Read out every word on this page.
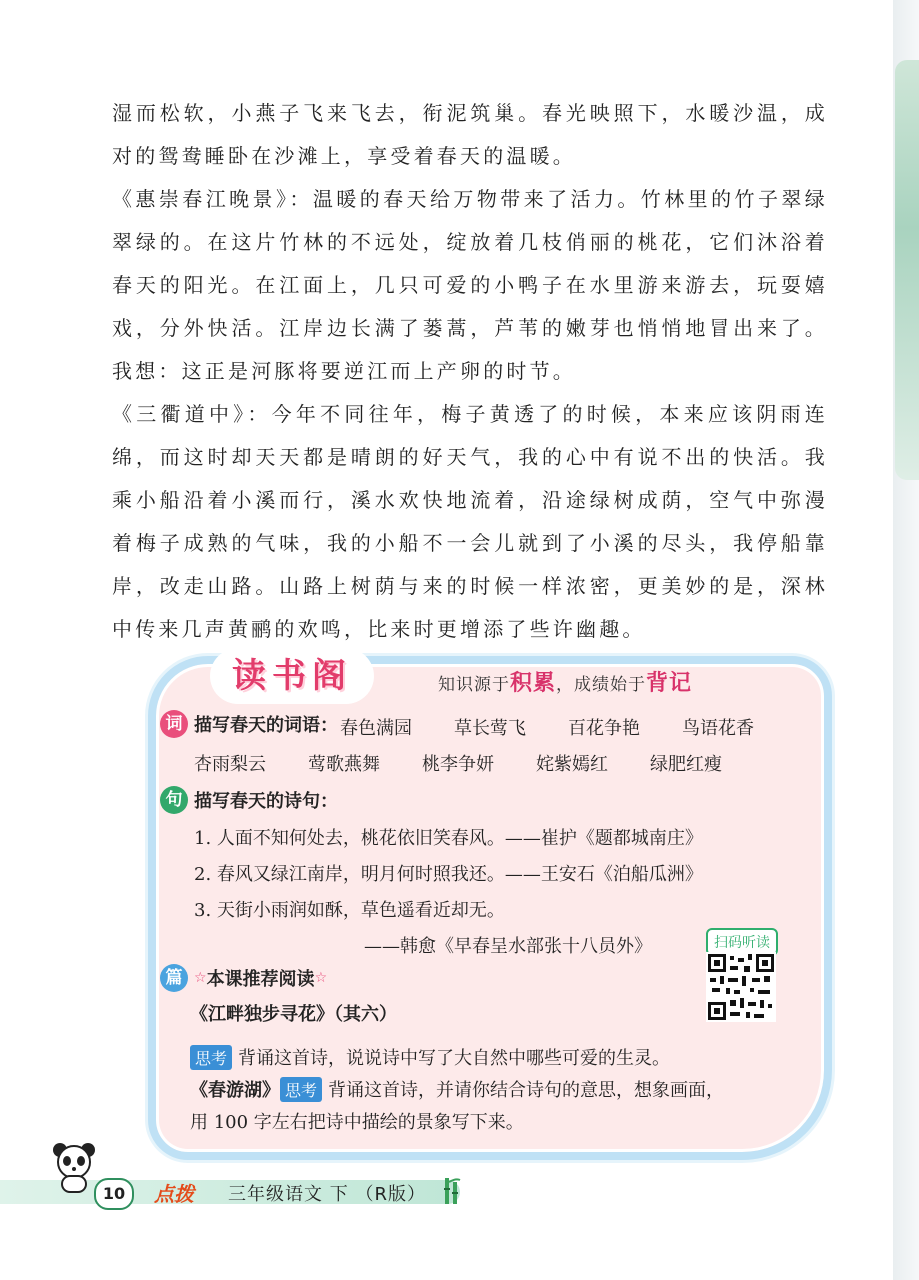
湿而松软，小燕子飞来飞去，衔泥筑巢。春光映照下，水暖沙温，成对的鸳鸯睡卧在沙滩上，享受着春天的温暖。

《惠崇春江晚景》：温暖的春天给万物带来了活力。竹林里的竹子翠绿翠绿的。在这片竹林的不远处，绽放着几枝俏丽的桃花，它们沐浴着春天的阳光。在江面上，几只可爱的小鸭子在水里游来游去，玩耍嬉戏，分外快活。江岸边长满了蒌蒿，芦苇的嫩芽也悄悄地冒出来了。我想：这正是河豚将要逆江而上产卵的时节。

《三衢道中》：今年不同往年，梅子黄透了的时候，本来应该阴雨连绵，而这时却天天都是晴朗的好天气，我的心中有说不出的快活。我乘小船沿着小溪而行，溪水欢快地流着，沿途绿树成荫，空气中弥漫着梅子成熟的气味，我的小船不一会儿就到了小溪的尽头，我停船靠岸，改走山路。山路上树荫与来的时候一样浓密，更美妙的是，深林中传来几声黄鹂的欢鸣，比来时更增添了些许幽趣。

读书阁	知识源于积累，成绩始于背记
词 描写春天的词语： 春色满园 草长莺飞 百花争艳 鸟语花香
杏雨梨云 莺歌燕舞 桃李争妍 姹紫嫣红 绿肥红瘦
句 描写春天的诗句：
1. 人面不知何处去，桃花依旧笑春风。——崔护《题都城南庄》
2. 春风又绿江南岸，明月何时照我还。——王安石《泊船瓜洲》
3. 天街小雨润如酥，草色遥看近却无。
——韩愈《早春呈水部张十八员外》	扫码听读
篇 ☆本课推荐阅读☆
《江畔独步寻花》（其六）
思考 背诵这首诗，说说诗中写了大自然中哪些可爱的生灵。
《春游湖》 思考 背诵这首诗，并请你结合诗句的意思，想象画面，
用 100 字左右把诗中描绘的景象写下来。
10	点拨 三年级语文 下 （R版）
